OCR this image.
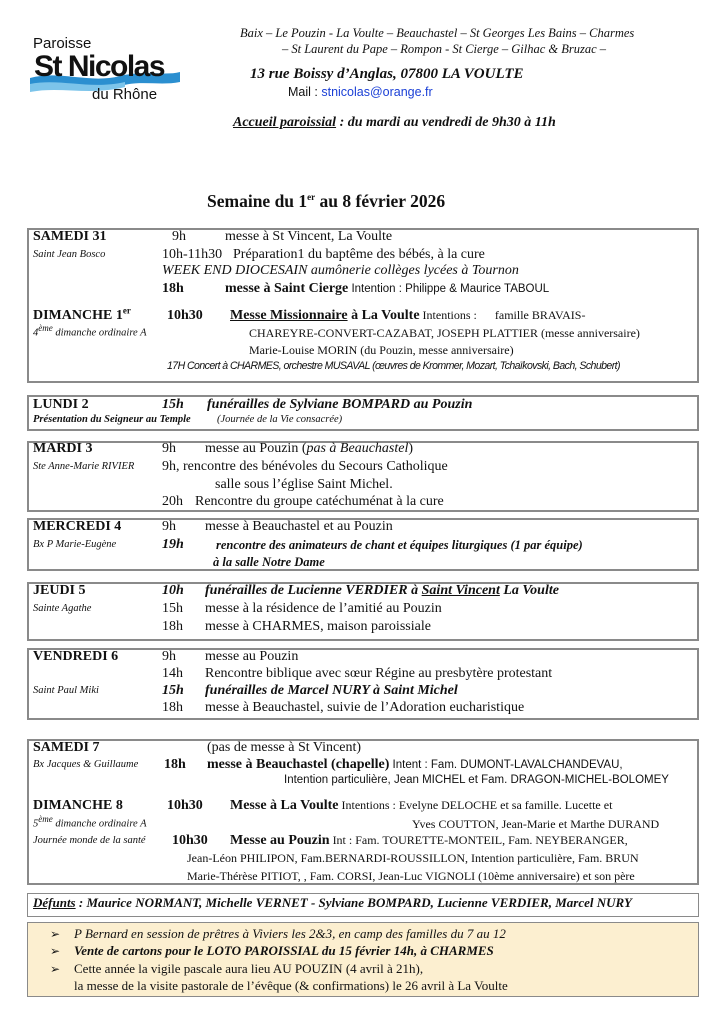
Paroisse
St Nicolas
du Rhône
Baix – Le Pouzin - La Voulte – Beauchastel – St Georges Les Bains – Charmes
– St Laurent du Pape – Rompon - St Cierge – Gilhac & Bruzac –
13 rue Boissy d’Anglas, 07800 LA VOULTE
Mail : stnicolas@orange.fr
Accueil paroissial : du mardi au vendredi de 9h30 à 11h
Semaine du 1er au 8 février 2026
SAMEDI 31	9h	messe à St Vincent, La Voulte
Saint Jean Bosco	10h-11h30 Préparation1 du baptême des bébés, à la cure
WEEK END DIOCESAIN aumônerie collèges lycées à Tournon
18h	messe à Saint Cierge Intention : Philippe & Maurice TABOUL
DIMANCHE 1er
4ème dimanche ordinaire A
10h30 Messe Missionnaire à La Voulte Intentions :      famille BRAVAIS-
CHAREYRE-CONVERT-CAZABAT, JOSEPH PLATTIER (messe anniversaire)
Marie-Louise MORIN (du Pouzin, messe anniversaire)
17H Concert à CHARMES, orchestre MUSAVAL (œuvres de Krommer, Mozart, Tchaïkovski, Bach, Schubert)
LUNDI 2	15h funérailles de Sylviane BOMPARD au Pouzin
Présentation du Seigneur au Temple	(Journée de la Vie consacrée)
MARDI 3	9h messe au Pouzin (pas à Beauchastel)
Ste Anne-Marie RIVIER 9h, rencontre des bénévoles du Secours Catholique
salle sous l’église Saint Michel.
20h Rencontre du groupe catéchuménat à la cure
MERCREDI 4	9h messe à Beauchastel et au Pouzin
Bx P Marie-Eugène	19h	rencontre des animateurs de chant et équipes liturgiques (1 par équipe)
à la salle Notre Dame
JEUDI 5	10h funérailles de Lucienne VERDIER à Saint Vincent La Voulte
Sainte Agathe	15h messe à la résidence de l’amitié au Pouzin
18h messe à CHARMES, maison paroissiale
VENDREDI 6	9h messe au Pouzin
14h Rencontre biblique avec sœur Régine au presbytère protestant
Saint Paul Miki	15h funérailles de Marcel NURY à Saint Michel
18h messe à Beauchastel, suivie de l’Adoration eucharistique
SAMEDI 7	(pas de messe à St Vincent)
Bx Jacques & Guillaume 18h messe à Beauchastel (chapelle) Intent : Fam. DUMONT-LAVALCHANDEVAU,
Intention particulière, Jean MICHEL et Fam. DRAGON-MICHEL-BOLOMEY
DIMANCHE 8	10h30 Messe à La Voulte Intentions : Evelyne DELOCHE et sa famille. Lucette et
5ème dimanche ordinaire A	Yves COUTTON, Jean-Marie et Marthe DURAND
Journée monde de la santé 10h30 Messe au Pouzin Int : Fam. TOURETTE-MONTEIL, Fam. NEYBERANGER,
Jean-Léon PHILIPON, Fam.BERNARDI-ROUSSILLON, Intention particulière, Fam. BRUN
Marie-Thérèse PITIOT, , Fam. CORSI, Jean-Luc VIGNOLI (10ème anniversaire) et son père
Défunts : Maurice NORMANT, Michelle VERNET - Sylviane BOMPARD, Lucienne VERDIER, Marcel NURY
➢ P Bernard en session de prêtres à Viviers les 2&3, en camp des familles du 7 au 12
➢ Vente de cartons pour le LOTO PAROISSIAL du 15 février 14h, à CHARMES
➢ Cette année la vigile pascale aura lieu AU POUZIN (4 avril à 21h),
la messe de la visite pastorale de l’évêque (& confirmations) le 26 avril à La Voulte
